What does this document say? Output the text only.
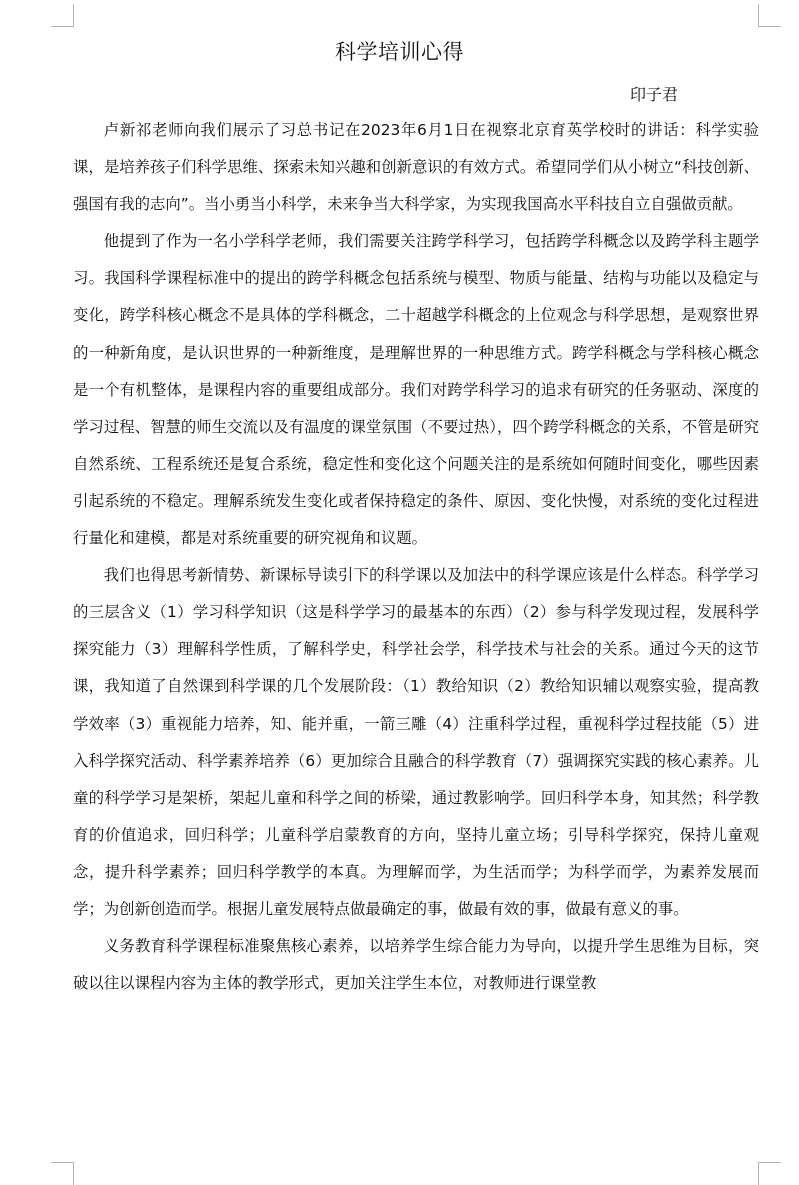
科学培训心得
印子君

卢新祁老师向我们展示了习总书记在2023年6月1日在视察北京育英学校时的讲话：科学实验课，是培养孩子们科学思维、探索未知兴趣和创新意识的有效方式。希望同学们从小树立“科技创新、强国有我的志向”。当小勇当小科学，未来争当大科学家，为实现我国高水平科技自立自强做贡献。

他提到了作为一名小学科学老师，我们需要关注跨学科学习，包括跨学科概念以及跨学科主题学习。我国科学课程标准中的提出的跨学科概念包括系统与模型、物质与能量、结构与功能以及稳定与变化，跨学科核心概念不是具体的学科概念，二十超越学科概念的上位观念与科学思想，是观察世界的一种新角度，是认识世界的一种新维度，是理解世界的一种思维方式。跨学科概念与学科核心概念是一个有机整体，是课程内容的重要组成部分。我们对跨学科学习的追求有研究的任务驱动、深度的学习过程、智慧的师生交流以及有温度的课堂氛围（不要过热），四个跨学科概念的关系，不管是研究自然系统、工程系统还是复合系统，稳定性和变化这个问题关注的是系统如何随时间变化，哪些因素引起系统的不稳定。理解系统发生变化或者保持稳定的条件、原因、变化快慢，对系统的变化过程进行量化和建模，都是对系统重要的研究视角和议题。

我们也得思考新情势、新课标导读引下的科学课以及加法中的科学课应该是什么样态。科学学习的三层含义（1）学习科学知识（这是科学学习的最基本的东西）（2）参与科学发现过程，发展科学探究能力（3）理解科学性质，了解科学史，科学社会学，科学技术与社会的关系。通过今天的这节课，我知道了自然课到科学课的几个发展阶段：（1）教给知识（2）教给知识辅以观察实验，提高教学效率（3）重视能力培养，知、能并重，一箭三雕（4）注重科学过程，重视科学过程技能（5）进入科学探究活动、科学素养培养（6）更加综合且融合的科学教育（7）强调探究实践的核心素养。儿童的科学学习是架桥，架起儿童和科学之间的桥梁，通过教影响学。回归科学本身，知其然；科学教育的价值追求，回归科学；儿童科学启蒙教育的方向，坚持儿童立场；引导科学探究，保持儿童观念，提升科学素养；回归科学教学的本真。为理解而学，为生活而学；为科学而学，为素养发展而学；为创新创造而学。根据儿童发展特点做最确定的事，做最有效的事，做最有意义的事。

义务教育科学课程标准聚焦核心素养，以培养学生综合能力为导向，以提升学生思维为目标，突破以往以课程内容为主体的教学形式，更加关注学生本位，对教师进行课堂教
